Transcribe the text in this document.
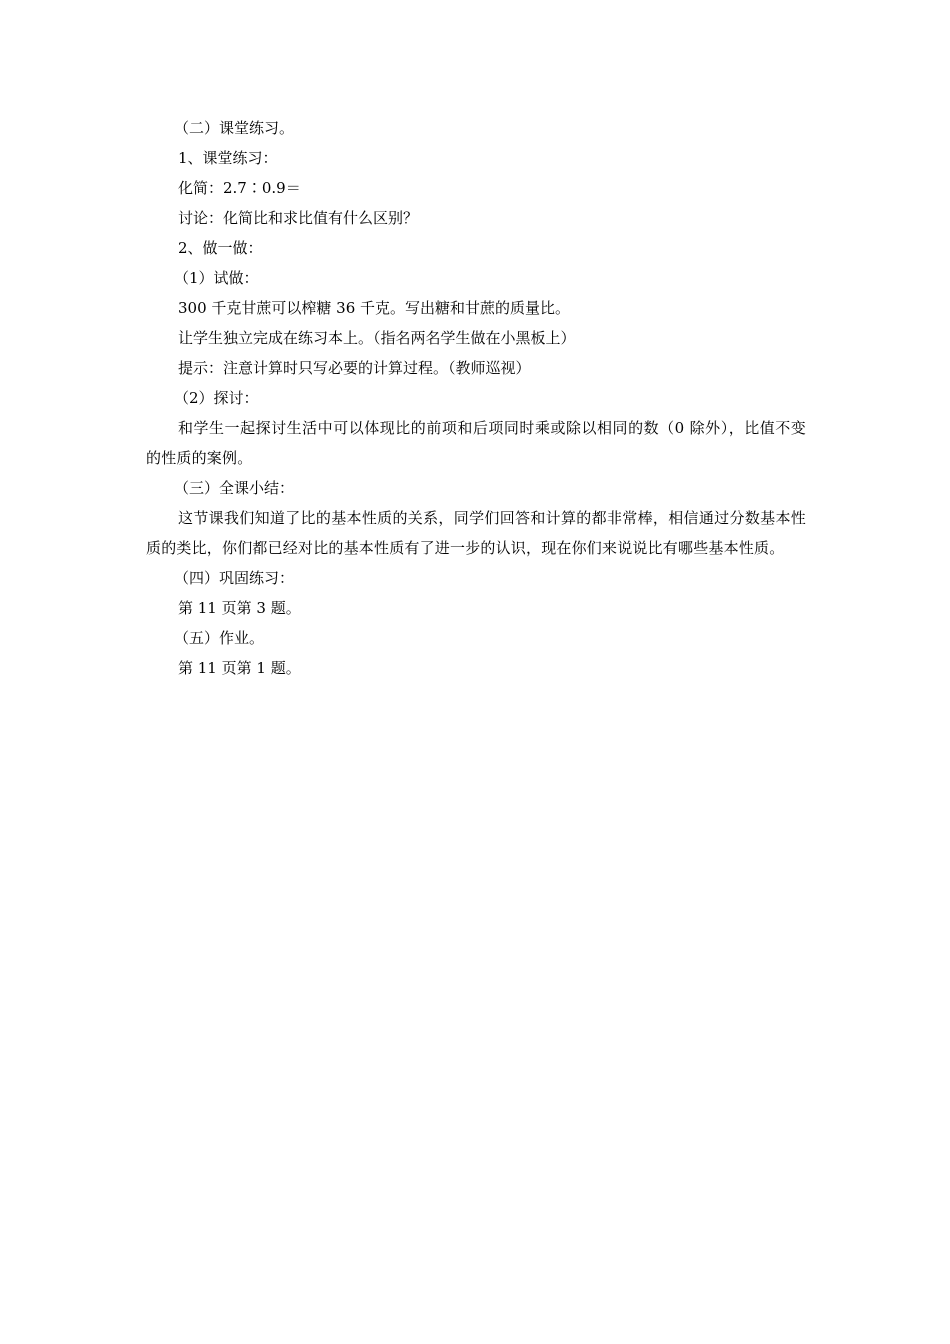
（二）课堂练习。

1、课堂练习：

化简：2.7∶0.9＝

讨论：化简比和求比值有什么区别？

2、做一做：

（1）试做：

300 千克甘蔗可以榨糖 36 千克。写出糖和甘蔗的质量比。

让学生独立完成在练习本上。（指名两名学生做在小黑板上）

提示：注意计算时只写必要的计算过程。（教师巡视）

（2）探讨：

和学生一起探讨生活中可以体现比的前项和后项同时乘或除以相同的数（0 除外），比值不变的性质的案例。

（三）全课小结：

这节课我们知道了比的基本性质的关系，同学们回答和计算的都非常棒，相信通过分数基本性质的类比，你们都已经对比的基本性质有了进一步的认识，现在你们来说说比有哪些基本性质。

（四）巩固练习：

第 11 页第 3 题。

（五）作业。

第 11 页第 1 题。
